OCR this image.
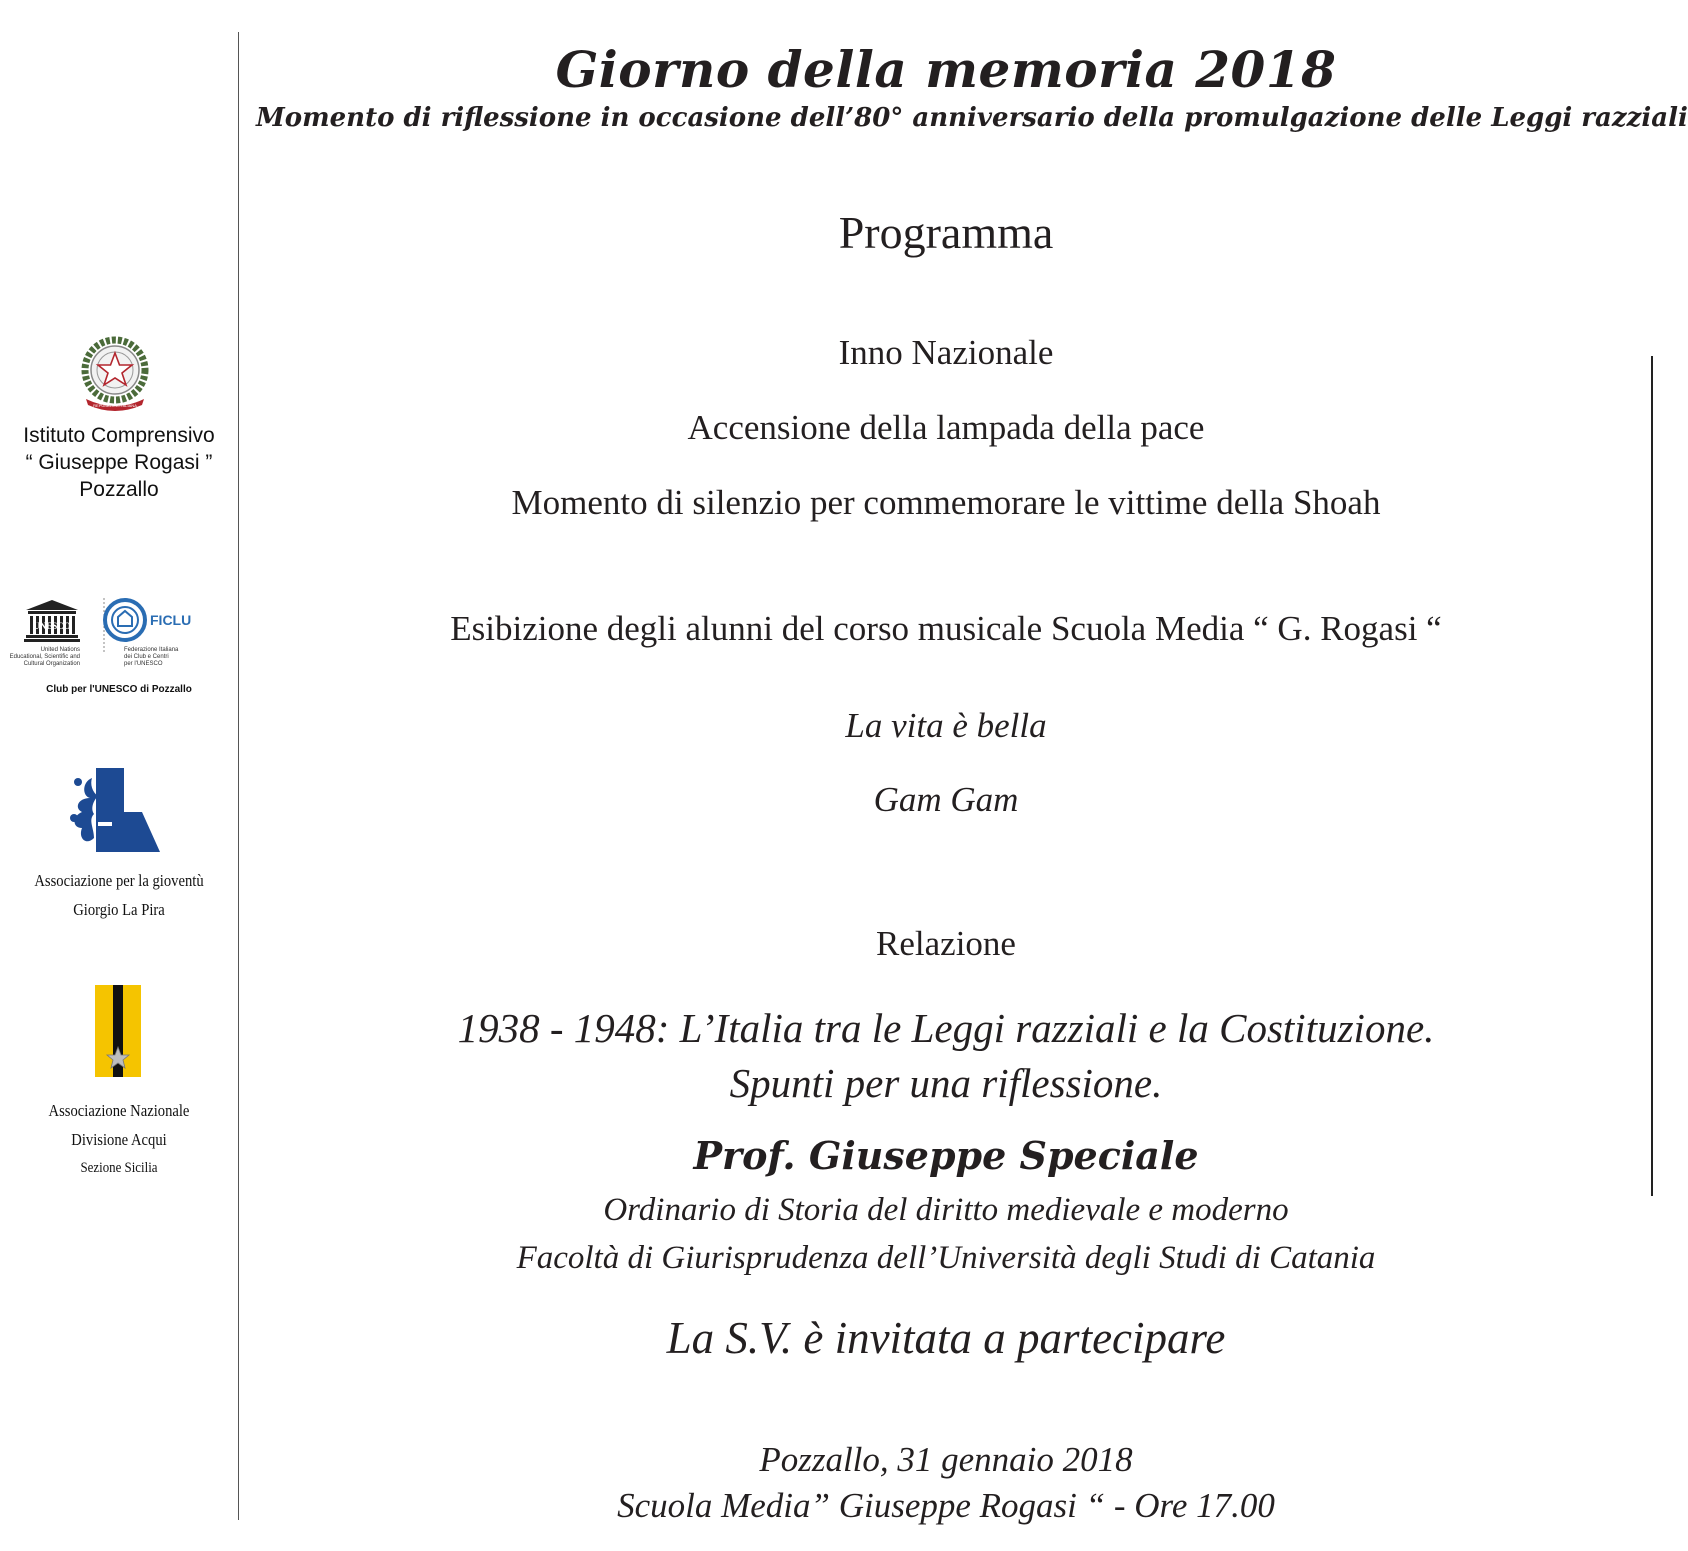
REPUBBLICA ITALIANA
Istituto Comprensivo
“ Giuseppe Rogasi ”
Pozzallo
UNESCO	FICLU
United Nations
Educational, Scientific and
Cultural Organization
Federazione Italiana
dei Club e Centri
per l'UNESCO
Club per l'UNESCO di Pozzallo
Associazione per la gioventù
Giorgio La Pira
Associazione Nazionale
Divisione Acqui
Sezione Sicilia
Giorno della memoria 2018
Momento di riflessione in occasione dell’80° anniversario della promulgazione delle Leggi razziali
Programma
Inno Nazionale
Accensione della lampada della pace
Momento di silenzio per commemorare le vittime della Shoah
Esibizione degli alunni del corso musicale Scuola Media “ G. Rogasi “
La vita è bella
Gam Gam
Relazione
1938 - 1948: L’Italia tra le Leggi razziali e la Costituzione.
Spunti per una riflessione.
Prof. Giuseppe Speciale
Ordinario di Storia del diritto medievale e moderno
Facoltà di Giurisprudenza dell’Università degli Studi di Catania
La S.V. è invitata a partecipare
Pozzallo, 31 gennaio 2018
Scuola Media” Giuseppe Rogasi “ - Ore 17.00
